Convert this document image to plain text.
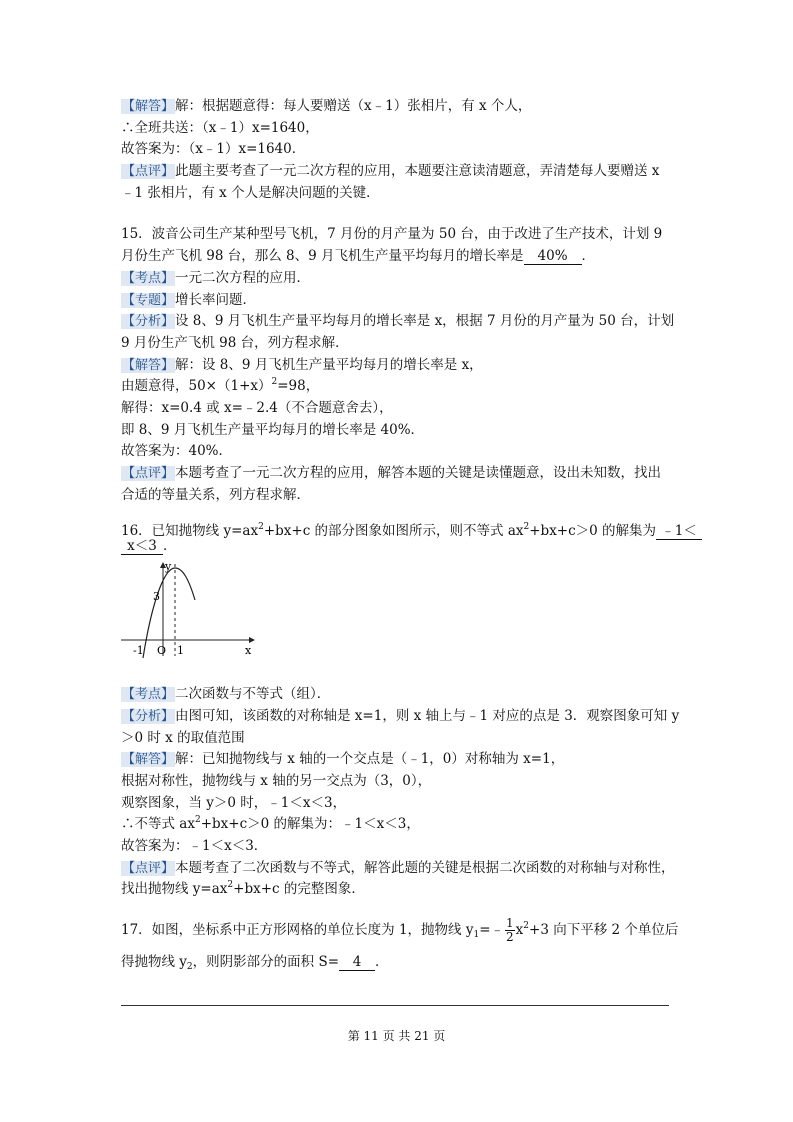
【解答】解：根据题意得：每人要赠送（x﹣1）张相片，有 x 个人，
∴全班共送：（x﹣1）x=1640，
故答案为：（x﹣1）x=1640．
【点评】此题主要考查了一元二次方程的应用，本题要注意读清题意，弄清楚每人要赠送 x
﹣1 张相片，有 x 个人是解决问题的关键．
15．波音公司生产某种型号飞机，7 月份的月产量为 50 台，由于改进了生产技术，计划 9
月份生产飞机 98 台，那么 8、9 月飞机生产量平均每月的增长率是 40% ．
【考点】一元二次方程的应用．
【专题】增长率问题．
【分析】设 8、9 月飞机生产量平均每月的增长率是 x，根据 7 月份的月产量为 50 台，计划
9 月份生产飞机 98 台，列方程求解．
【解答】解：设 8、9 月飞机生产量平均每月的增长率是 x，
由题意得，$50\times(1+x)^2=98$，
解得：x=0.4 或 x=﹣2.4（不合题意舍去），
即 8、9 月飞机生产量平均每月的增长率是 40%．
故答案为：40%．
【点评】本题考查了一元二次方程的应用，解答本题的关键是读懂题意，设出未知数，找出
合适的等量关系，列方程求解．
16．已知抛物线 $y=ax^2+bx+c$ 的部分图象如图所示，则不等式 $ax^2+bx+c>0$ 的解集为 ﹣1＜
x＜3 ．
y
x
3
-1 O 1
【考点】二次函数与不等式（组）．
【分析】由图可知，该函数的对称轴是 x=1，则 x 轴上与﹣1 对应的点是 3．观察图象可知 y
＞0 时 x 的取值范围
【解答】解：已知抛物线与 x 轴的一个交点是（﹣1，0）对称轴为 x=1，
根据对称性，抛物线与 x 轴的另一交点为（3，0），
观察图象，当 y＞0 时，﹣1＜x＜3，
∴不等式 $ax^2+bx+c>0$ 的解集为：﹣1＜x＜3，
故答案为：﹣1＜x＜3．
【点评】本题考查了二次函数与不等式，解答此题的关键是根据二次函数的对称轴与对称性，
找出抛物线 $y=ax^2+bx+c$ 的完整图象．
17．如图，坐标系中正方形网格的单位长度为 1，抛物线 $y_1=﹣ \frac{1}{2} x^2+3$ 向下平移 2 个单位后
得抛物线 $y_2$，则阴影部分的面积 S= 4 ．
第 11 页 共 21 页
